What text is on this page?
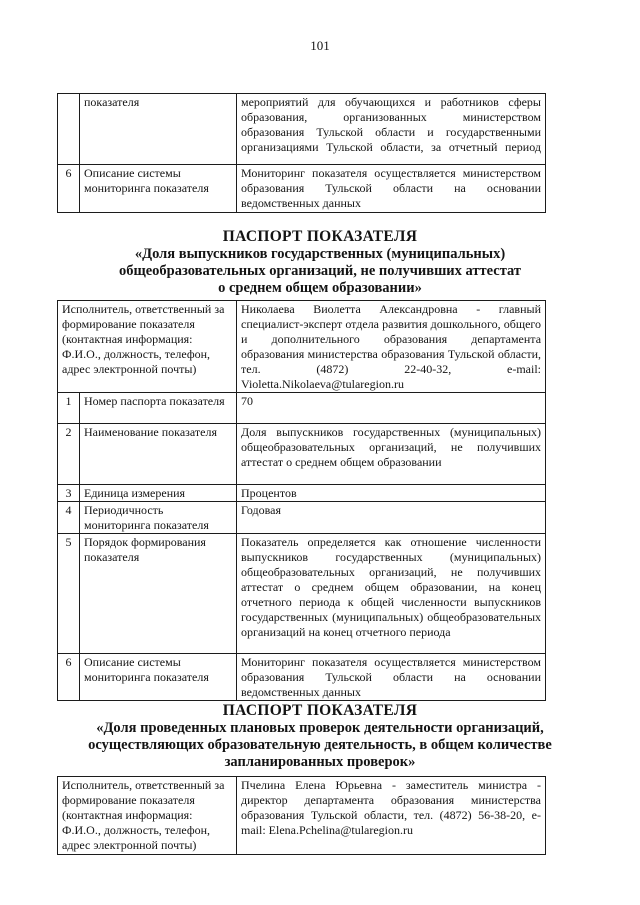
101
	показателя	мероприятий для обучающихся и работников сферы образования, организованных министерством образования Тульской области и государственными организациями Тульской области, за отчетный период
6	Описание системы мониторинга показателя	Мониторинг показателя осуществляется министерством образования Тульской области на основании ведомственных данных
ПАСПОРТ ПОКАЗАТЕЛЯ
«Доля выпускников государственных (муниципальных)
общеобразовательных организаций, не получивших аттестат
о среднем общем образовании»
Исполнитель, ответственный за формирование показателя (контактная информация: Ф.И.О., должность, телефон, адрес электронной почты)		Николаева Виолетта Александровна - главный специалист-эксперт отдела развития дошкольного, общего и дополнительного образования департамента образования министерства образования Тульской области, тел. (4872) 22-40-32, e-mail: Violetta.Nikolaeva@tularegion.ru
1	Номер паспорта показателя	70
2	Наименование показателя	Доля выпускников государственных (муниципальных) общеобразовательных организаций, не получивших аттестат о среднем общем образовании
3	Единица измерения	Процентов
4	Периодичность мониторинга показателя	Годовая
5	Порядок формирования показателя	Показатель определяется как отношение численности выпускников государственных (муниципальных) общеобразовательных организаций, не получивших аттестат о среднем общем образовании, на конец отчетного периода к общей численности выпускников государственных (муниципальных) общеобразовательных организаций на конец отчетного периода
6	Описание системы мониторинга показателя	Мониторинг показателя осуществляется министерством образования Тульской области на основании ведомственных данных
ПАСПОРТ ПОКАЗАТЕЛЯ
«Доля проведенных плановых проверок деятельности организаций,
осуществляющих образовательную деятельность, в общем количестве
запланированных проверок»
Исполнитель, ответственный за формирование показателя (контактная информация: Ф.И.О., должность, телефон, адрес электронной почты)	Пчелина Елена Юрьевна - заместитель министра - директор департамента образования министерства образования Тульской области, тел. (4872) 56-38-20, e-mail: Elena.Pchelina@tularegion.ru
